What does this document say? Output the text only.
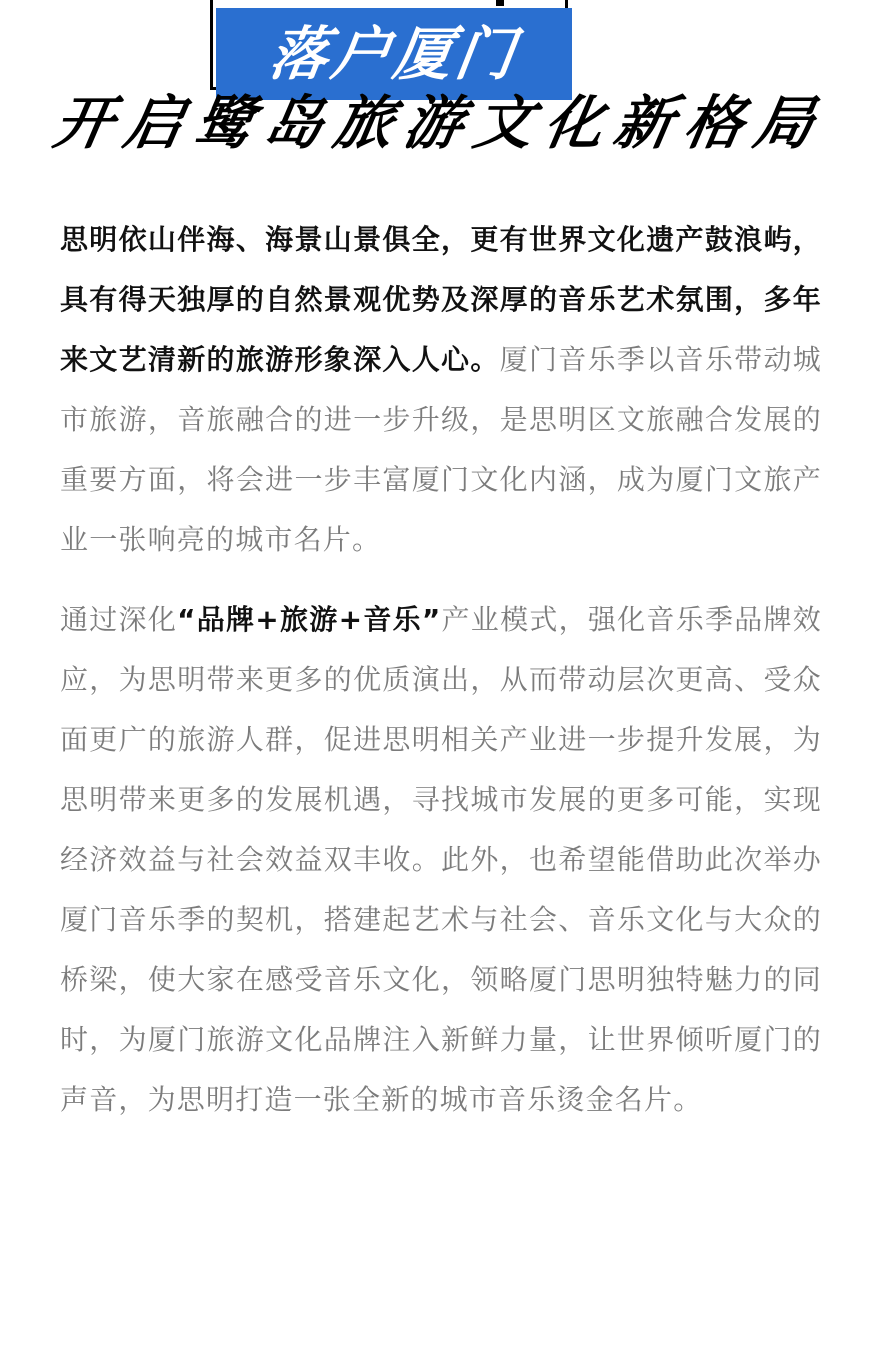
落户厦门
开启鹭岛旅游文化新格局

思明依山伴海、海景山景俱全，更有世界文化遗产鼓浪屿，具有得天独厚的自然景观优势及深厚的音乐艺术氛围，多年来文艺清新的旅游形象深入人心。厦门音乐季以音乐带动城市旅游，音旅融合的进一步升级，是思明区文旅融合发展的重要方面，将会进一步丰富厦门文化内涵，成为厦门文旅产业一张响亮的城市名片。

通过深化“品牌+旅游+音乐”产业模式，强化音乐季品牌效应，为思明带来更多的优质演出，从而带动层次更高、受众面更广的旅游人群，促进思明相关产业进一步提升发展，为思明带来更多的发展机遇，寻找城市发展的更多可能，实现经济效益与社会效益双丰收。此外，也希望能借助此次举办厦门音乐季的契机，搭建起艺术与社会、音乐文化与大众的桥梁，使大家在感受音乐文化，领略厦门思明独特魅力的同时，为厦门旅游文化品牌注入新鲜力量，让世界倾听厦门的声音，为思明打造一张全新的城市音乐烫金名片。
